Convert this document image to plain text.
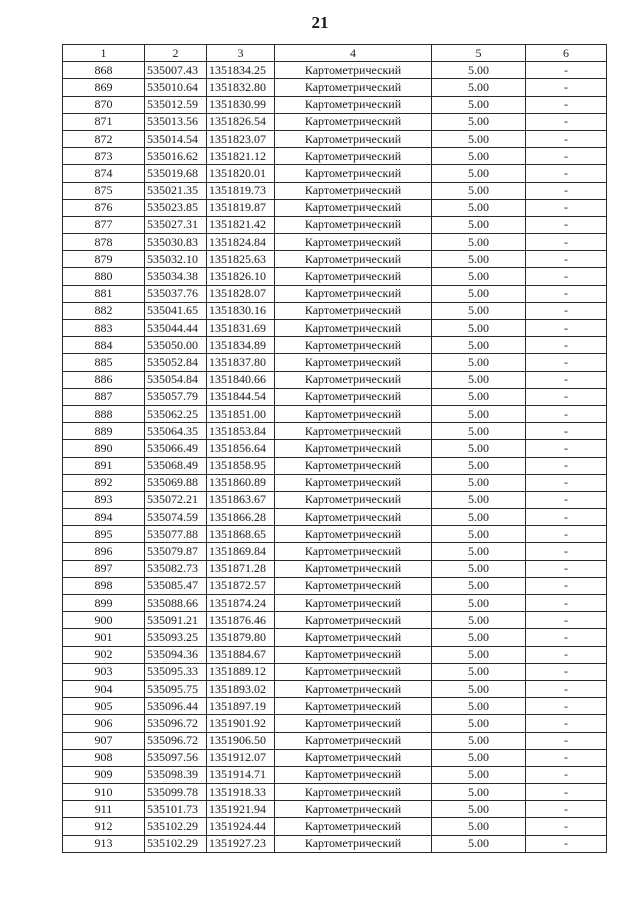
21
1	2	3	4	5	6
868	535007.43	1351834.25	Картометрический	5.00	-
869	535010.64	1351832.80	Картометрический	5.00	-
870	535012.59	1351830.99	Картометрический	5.00	-
871	535013.56	1351826.54	Картометрический	5.00	-
872	535014.54	1351823.07	Картометрический	5.00	-
873	535016.62	1351821.12	Картометрический	5.00	-
874	535019.68	1351820.01	Картометрический	5.00	-
875	535021.35	1351819.73	Картометрический	5.00	-
876	535023.85	1351819.87	Картометрический	5.00	-
877	535027.31	1351821.42	Картометрический	5.00	-
878	535030.83	1351824.84	Картометрический	5.00	-
879	535032.10	1351825.63	Картометрический	5.00	-
880	535034.38	1351826.10	Картометрический	5.00	-
881	535037.76	1351828.07	Картометрический	5.00	-
882	535041.65	1351830.16	Картометрический	5.00	-
883	535044.44	1351831.69	Картометрический	5.00	-
884	535050.00	1351834.89	Картометрический	5.00	-
885	535052.84	1351837.80	Картометрический	5.00	-
886	535054.84	1351840.66	Картометрический	5.00	-
887	535057.79	1351844.54	Картометрический	5.00	-
888	535062.25	1351851.00	Картометрический	5.00	-
889	535064.35	1351853.84	Картометрический	5.00	-
890	535066.49	1351856.64	Картометрический	5.00	-
891	535068.49	1351858.95	Картометрический	5.00	-
892	535069.88	1351860.89	Картометрический	5.00	-
893	535072.21	1351863.67	Картометрический	5.00	-
894	535074.59	1351866.28	Картометрический	5.00	-
895	535077.88	1351868.65	Картометрический	5.00	-
896	535079.87	1351869.84	Картометрический	5.00	-
897	535082.73	1351871.28	Картометрический	5.00	-
898	535085.47	1351872.57	Картометрический	5.00	-
899	535088.66	1351874.24	Картометрический	5.00	-
900	535091.21	1351876.46	Картометрический	5.00	-
901	535093.25	1351879.80	Картометрический	5.00	-
902	535094.36	1351884.67	Картометрический	5.00	-
903	535095.33	1351889.12	Картометрический	5.00	-
904	535095.75	1351893.02	Картометрический	5.00	-
905	535096.44	1351897.19	Картометрический	5.00	-
906	535096.72	1351901.92	Картометрический	5.00	-
907	535096.72	1351906.50	Картометрический	5.00	-
908	535097.56	1351912.07	Картометрический	5.00	-
909	535098.39	1351914.71	Картометрический	5.00	-
910	535099.78	1351918.33	Картометрический	5.00	-
911	535101.73	1351921.94	Картометрический	5.00	-
912	535102.29	1351924.44	Картометрический	5.00	-
913	535102.29	1351927.23	Картометрический	5.00	-
